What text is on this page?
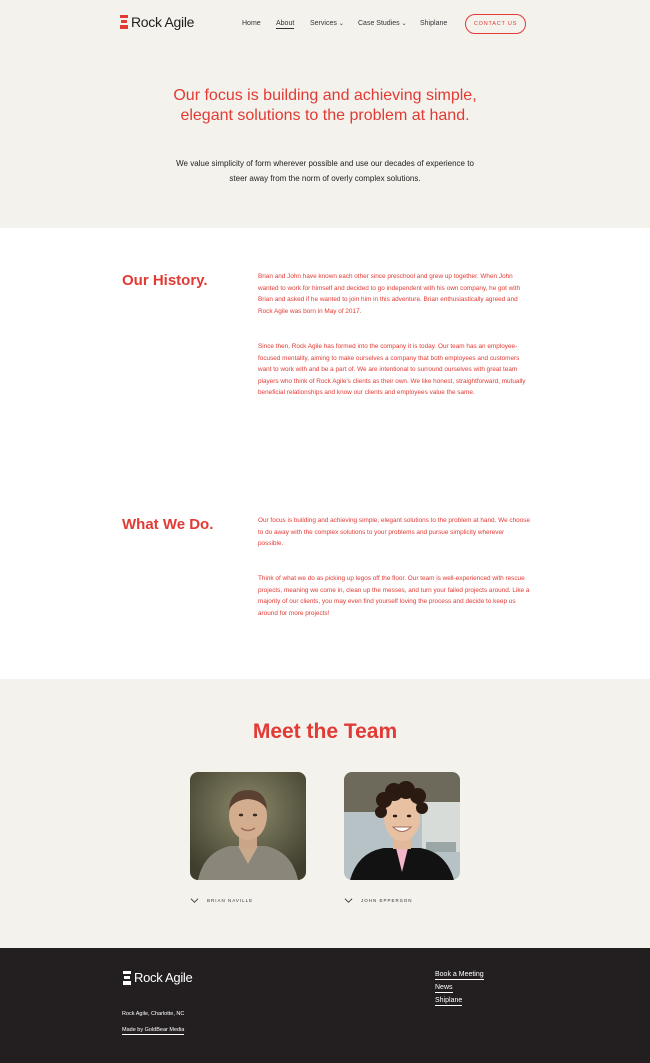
Rock Agile	Home About Services ⌄ Case Studies ⌄ Shiplane	CONTACT US
Our focus is building and achieving simple, elegant solutions to the problem at hand.

We value simplicity of form wherever possible and use our decades of experience to steer away from the norm of overly complex solutions.

Our History.	Brian and John have known each other since preschool and grew up together. When John wanted to work for himself and decided to go independent with his own company, he got with Brian and asked if he wanted to join him in this adventure. Brian enthusiastically agreed and Rock Agile was born in May of 2017.

Since then, Rock Agile has formed into the company it is today. Our team has an employee-focused mentality, aiming to make ourselves a company that both employees and customers want to work with and be a part of. We are intentional to surround ourselves with great team players who think of Rock Agile's clients as their own. We like honest, straightforward, mutually beneficial relationships and know our clients and employees value the same.

What We Do.	Our focus is building and achieving simple, elegant solutions to the problem at hand. We choose to do away with the complex solutions to your problems and pursue simplicity wherever possible.

Think of what we do as picking up legos off the floor. Our team is well-experienced with rescue projects, meaning we come in, clean up the messes, and turn your failed projects around. Like a majority of our clients, you may even find yourself loving the process and decide to keep us around for more projects!

Meet the Team
BRIAN NAVILLE	JOHN EPPERSON
Rock Agile
Rock Agile, Charlotte, NC
Made by GoldBear Media
Book a Meeting
News
Shiplane
